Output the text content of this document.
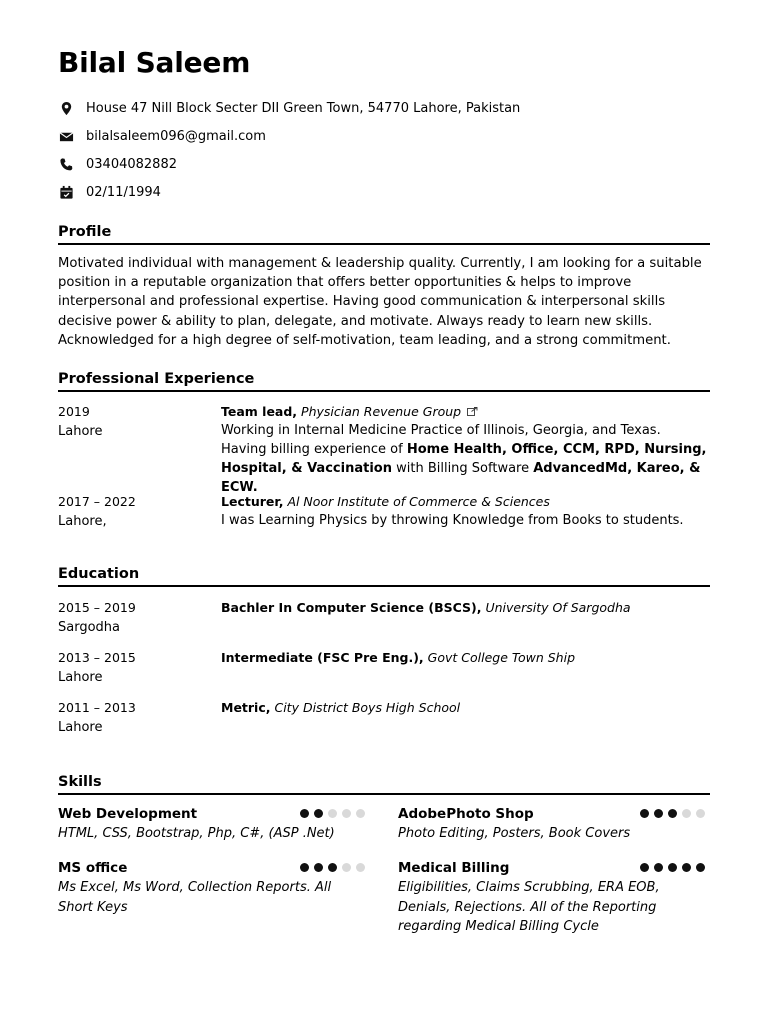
Bilal Saleem
House 47 Nill Block Secter DII Green Town, 54770 Lahore, Pakistan
bilalsaleem096@gmail.com
03404082882
02/11/1994
Profile
Motivated individual with management & leadership quality. Currently, I am looking for a suitable position in a reputable organization that offers better opportunities & helps to improve interpersonal and professional expertise. Having good communication & interpersonal skills decisive power & ability to plan, delegate, and motivate. Always ready to learn new skills. Acknowledged for a high degree of self-motivation, team leading, and a strong commitment.
Professional Experience
2019
Lahore
Team lead, Physician Revenue Group
Working in Internal Medicine Practice of Illinois, Georgia, and Texas. Having billing experience of Home Health, Office, CCM, RPD, Nursing, Hospital, & Vaccination with Billing Software AdvancedMd, Kareo, & ECW.
2017 – 2022
Lahore,
Lecturer, Al Noor Institute of Commerce & Sciences
I was Learning Physics by throwing Knowledge from Books to students.
Education
2015 – 2019
Sargodha
Bachler In Computer Science (BSCS), University Of Sargodha
2013 – 2015
Lahore
Intermediate (FSC Pre Eng.), Govt College Town Ship
2011 – 2013
Lahore
Metric, City District Boys High School
Skills
Web Development
HTML, CSS, Bootstrap, Php, C#, (ASP .Net)
AdobePhoto Shop
Photo Editing, Posters, Book Covers
MS office
Ms Excel, Ms Word, Collection Reports. All Short Keys
Medical Billing
Eligibilities, Claims Scrubbing, ERA EOB, Denials, Rejections. All of the Reporting regarding Medical Billing Cycle
